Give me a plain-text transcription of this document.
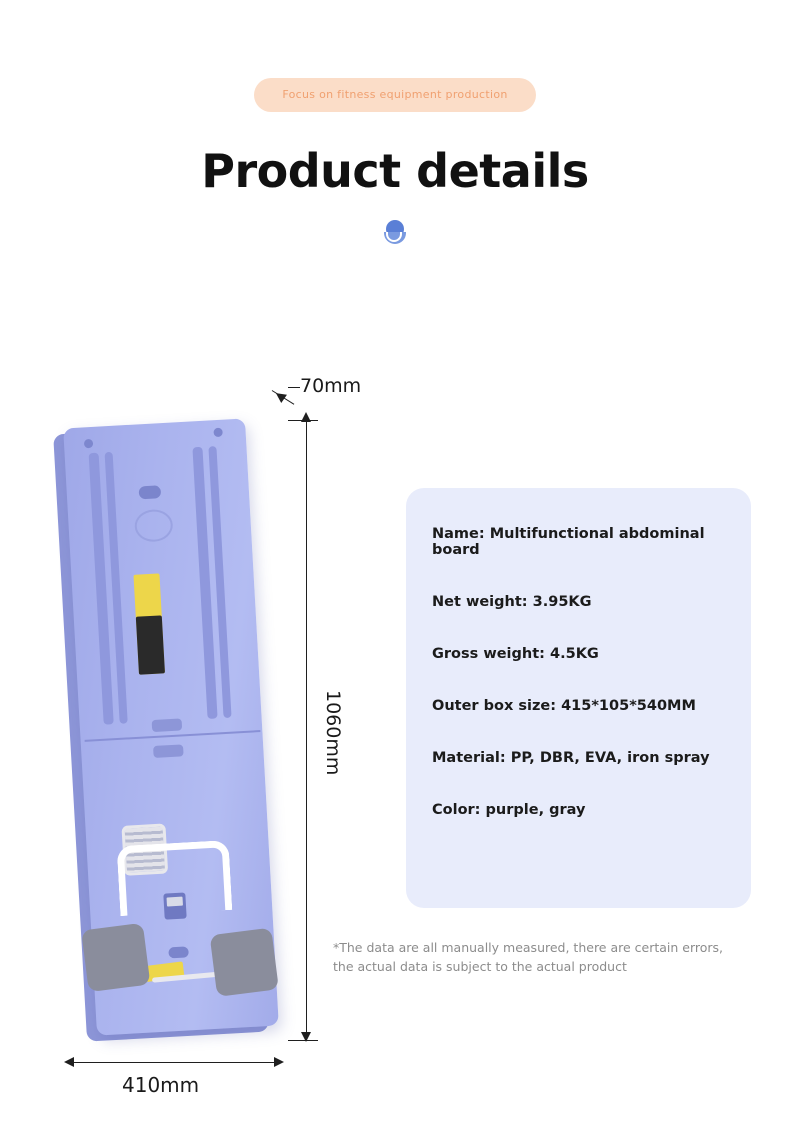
Focus on fitness equipment production
Product details
70mm
1060mm
410mm
Name: Multifunctional abdominal board
Net weight: 3.95KG
Gross weight: 4.5KG
Outer box size: 415*105*540MM
Material: PP, DBR, EVA, iron spray
Color: purple, gray
*The data are all manually measured, there are certain errors,
the actual data is subject to the actual product
